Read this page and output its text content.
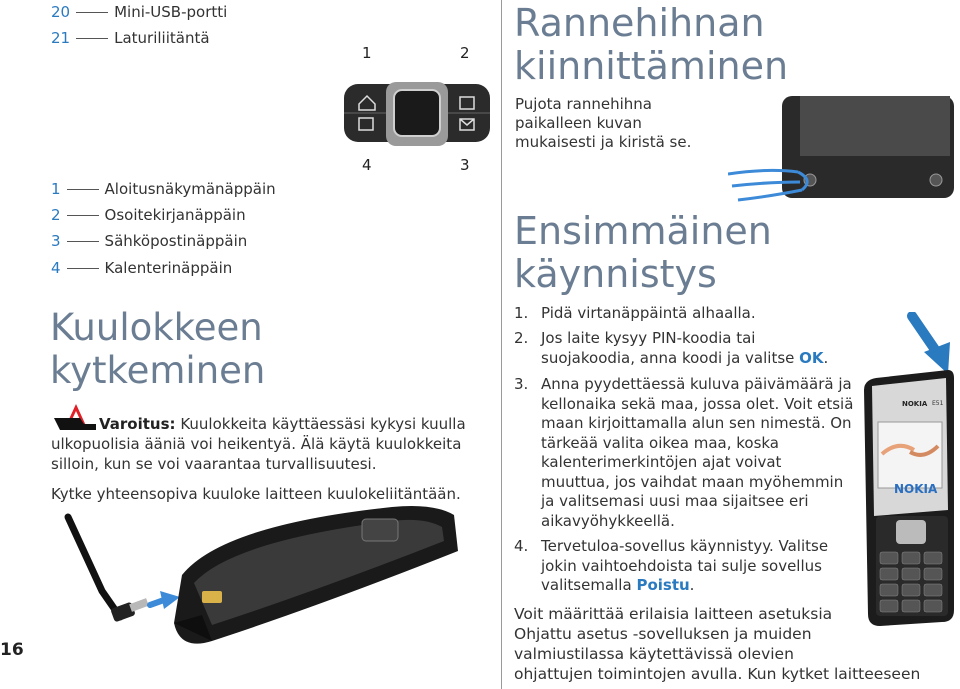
20	Mini-USB-portti
21	Laturiliitäntä
1	2
4	3
1	Aloitusnäkymänäppäin
2	Osoitekirjanäppäin
3	Sähköpostinäppäin
4	Kalenterinäppäin
Kuulokkeen
kytkeminen
Varoitus: Kuulokkeita käyttäessäsi kykysi kuulla
ulkopuolisia ääniä voi heikentyä. Älä käytä kuulokkeita
silloin, kun se voi vaarantaa turvallisuutesi.
Kytke yhteensopiva kuuloke laitteen kuulokeliitäntään.
16
Rannehihnan
kiinnittäminen
Pujota rannehihna
paikalleen kuvan
mukaisesti ja kiristä se.
Ensimmäinen
käynnistys
1. Pidä virtanäppäintä alhaalla.
2. Jos laite kysyy PIN-koodia tai
suojakoodia, anna koodi ja valitse OK.
3. Anna pyydettäessä kuluva päivämäärä ja
kellonaika sekä maa, jossa olet. Voit etsiä
maan kirjoittamalla alun sen nimestä. On
tärkeää valita oikea maa, koska
kalenterimerkintöjen ajat voivat
muuttua, jos vaihdat maan myöhemmin
ja valitsemasi uusi maa sijaitsee eri
aikavyöhykkeellä.
4. Tervetuloa-sovellus käynnistyy. Valitse
jokin vaihtoehdoista tai sulje sovellus
valitsemalla Poistu.
Voit määrittää erilaisia laitteen asetuksia
Ohjattu asetus -sovelluksen ja muiden
valmiustilassa käytettävissä olevien
ohjattujen toimintojen avulla. Kun kytket laitteeseen
NOKIA E51
NOKIA
